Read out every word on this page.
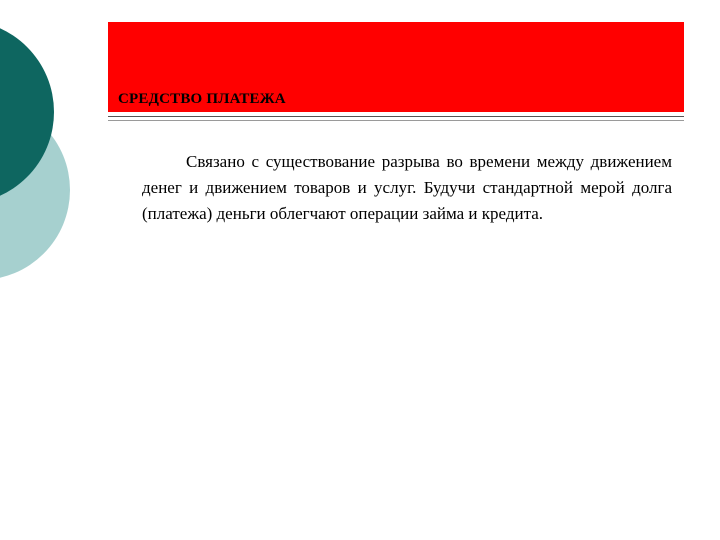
СРЕДСТВО ПЛАТЕЖА

Связано с существование разрыва во времени между движением денег и движением товаров и услуг. Будучи стандартной мерой долга (платежа) деньги облегчают операции займа и кредита.
